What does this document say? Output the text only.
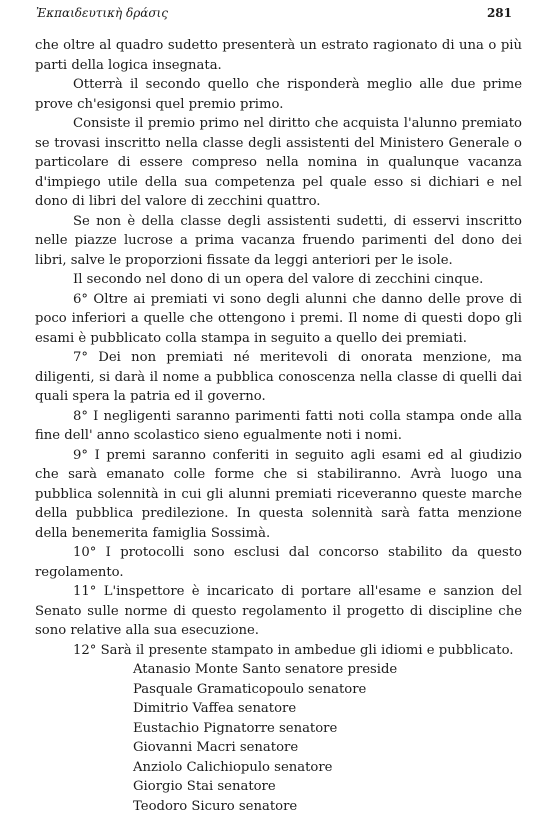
Ἐκπαιδευτικὴ δράσις	281

che oltre al quadro sudetto presenterà un estrato ragionato di una o più parti della logica insegnata.

Otterrà il secondo quello che risponderà meglio alle due prime prove ch'esigonsi quel premio primo.

Consiste il premio primo nel diritto che acquista l'alunno premiato se trovasi inscritto nella classe degli assistenti del Ministero Generale o particolare di essere compreso nella nomina in qualunque vacanza d'impiego utile della sua competenza pel quale esso si dichiari e nel dono di libri del valore di zecchini quattro.

Se non è della classe degli assistenti sudetti, di esservi inscritto nelle piazze lucrose a prima vacanza fruendo parimenti del dono dei libri, salve le proporzioni fissate da leggi anteriori per le isole.

Il secondo nel dono di un opera del valore di zecchini cinque.

6° Oltre ai premiati vi sono degli alunni che danno delle prove di poco inferiori a quelle che ottengono i premi. Il nome di questi dopo gli esami è pubblicato colla stampa in seguito a quello dei premiati.

7° Dei non premiati né meritevoli di onorata menzione, ma diligenti, si darà il nome a pubblica conoscenza nella classe di quelli dai quali spera la patria ed il governo.

8° I negligenti saranno parimenti fatti noti colla stampa onde alla fine dell' anno scolastico sieno egualmente noti i nomi.

9° I premi saranno conferiti in seguito agli esami ed al giudizio che sarà emanato colle forme che si stabiliranno. Avrà luogo una pubblica solennità in cui gli alunni premiati riceveranno queste marche della pubblica predilezione. In questa solennità sarà fatta menzione della benemerita famiglia Sossimà.

10° I protocolli sono esclusi dal concorso stabilito da questo regolamento.

11° L'inspettore è incaricato di portare all'esame e sanzion del Senato sulle norme di questo regolamento il progetto di discipline che sono relative alla sua esecuzione.

12° Sarà il presente stampato in ambedue gli idiomi e pubblicato.

Atanasio Monte Santo senatore preside
Pasquale Gramaticopoulo senatore
Dimitrio Vaffea senatore
Eustachio Pignatorre senatore
Giovanni Macri senatore
Anziolo Calichiopulo senatore
Giorgio Stai senatore
Teodoro Sicuro senatore
